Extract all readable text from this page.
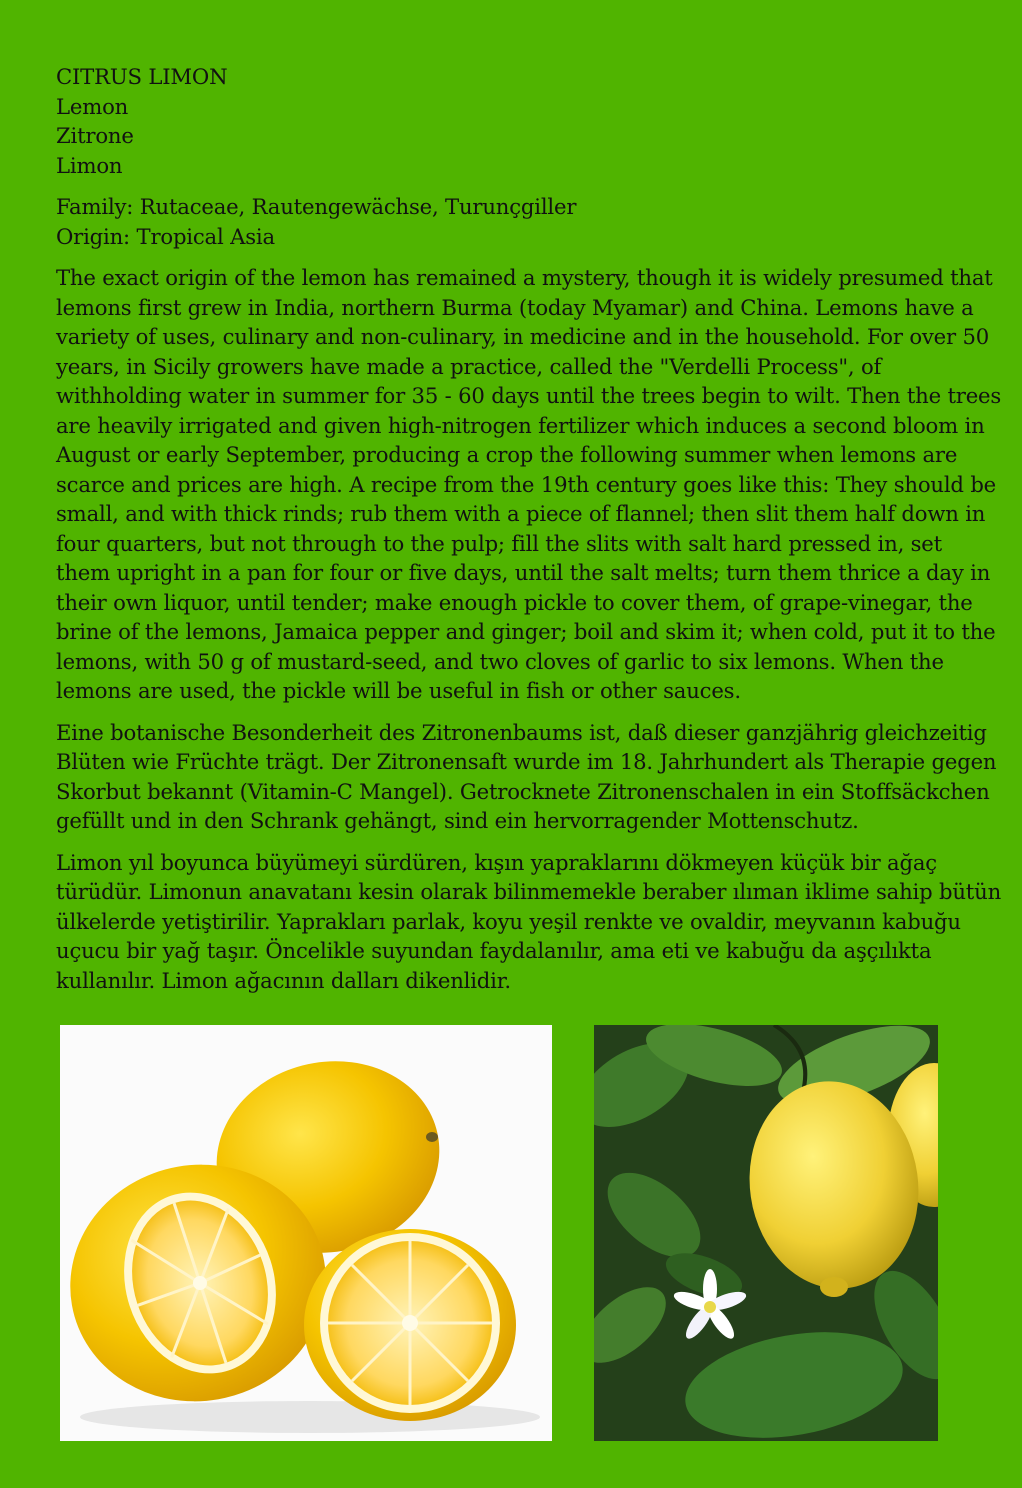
CITRUS LIMON
Lemon
Zitrone
Limon
Family: Rutaceae, Rautengewächse, Turunçgiller
Origin: Tropical Asia

The exact origin of the lemon has remained a mystery, though it is widely presumed that lemons first grew in India, northern Burma (today Myamar) and China. Lemons have a variety of uses, culinary and non-culinary, in medicine and in the household. For over 50 years, in Sicily growers have made a practice, called the "Verdelli Process", of withholding water in summer for 35 - 60 days until the trees begin to wilt. Then the trees are heavily irrigated and given high-nitrogen fertilizer which induces a second bloom in August or early September, producing a crop the following summer when lemons are scarce and prices are high. A recipe from the 19th century goes like this: They should be small, and with thick rinds; rub them with a piece of flannel; then slit them half down in four quarters, but not through to the pulp; fill the slits with salt hard pressed in, set them upright in a pan for four or five days, until the salt melts; turn them thrice a day in their own liquor, until tender; make enough pickle to cover them, of grape-vinegar, the brine of the lemons, Jamaica pepper and ginger; boil and skim it; when cold, put it to the lemons, with 50 g of mustard-seed, and two cloves of garlic to six lemons. When the lemons are used, the pickle will be useful in fish or other sauces.

Eine botanische Besonderheit des Zitronenbaums ist, daß dieser ganzjährig gleichzeitig Blüten wie Früchte trägt. Der Zitronensaft wurde im 18. Jahrhundert als Therapie gegen Skorbut bekannt (Vitamin-C Mangel). Getrocknete Zitronenschalen in ein Stoffsäckchen gefüllt und in den Schrank gehängt, sind ein hervorragender Mottenschutz.

Limon yıl boyunca büyümeyi sürdüren, kışın yapraklarını dökmeyen küçük bir ağaç türüdür. Limonun anavatanı kesin olarak bilinmemekle beraber ılıman iklime sahip bütün ülkelerde yetiştirilir. Yaprakları parlak, koyu yeşil renkte ve ovaldir, meyvanın kabuğu uçucu bir yağ taşır. Öncelikle suyundan faydalanılır, ama eti ve kabuğu da aşçılıkta kullanılır. Limon ağacının dalları dikenlidir.
